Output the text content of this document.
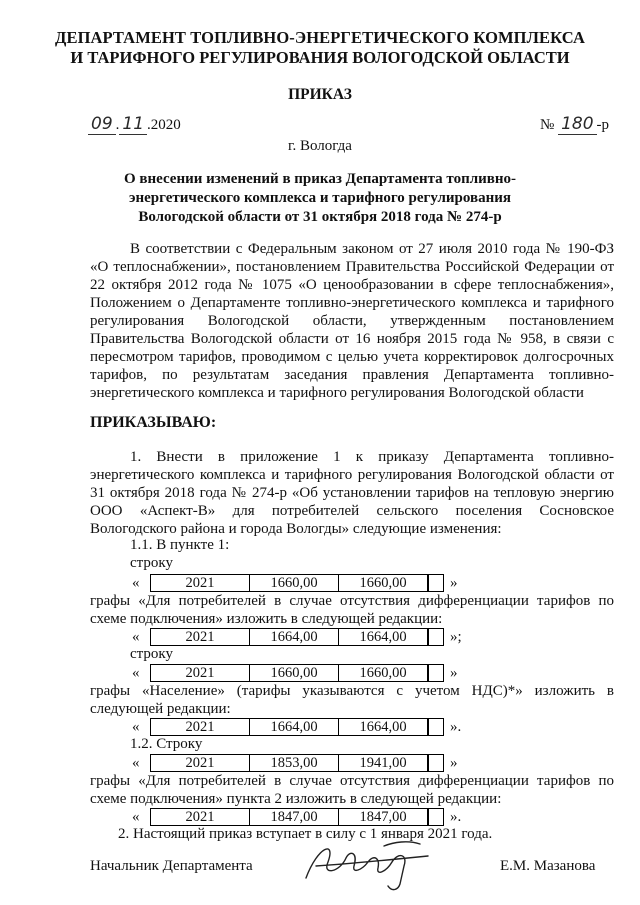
ДЕПАРТАМЕНТ ТОПЛИВНО-ЭНЕРГЕТИЧЕСКОГО КОМПЛЕКСА
И ТАРИФНОГО РЕГУЛИРОВАНИЯ ВОЛОГОДСКОЙ ОБЛАСТИ
ПРИКАЗ
09 . 11 .2020
г. Вологда
№ 180 -р
О внесении изменений в приказ Департамента топливно-энергетического комплекса и тарифного регулирования Вологодской области от 31 октября 2018 года № 274-р

В соответствии с Федеральным законом от 27 июля 2010 года № 190-ФЗ «О теплоснабжении», постановлением Правительства Российской Федерации от 22 октября 2012 года № 1075 «О ценообразовании в сфере теплоснабжения», Положением о Департаменте топливно-энергетического комплекса и тарифного регулирования Вологодской области, утвержденным постановлением Правительства Вологодской области от 16 ноября 2015 года № 958, в связи с пересмотром тарифов, проводимом с целью учета корректировок долгосрочных тарифов, по результатам заседания правления Департамента топливно-энергетического комплекса и тарифного регулирования Вологодской области

ПРИКАЗЫВАЮ:

1. Внести в приложение 1 к приказу Департамента топливно-энергетического комплекса и тарифного регулирования Вологодской области от 31 октября 2018 года № 274-р «Об установлении тарифов на тепловую энергию ООО «Аспект-В» для потребителей сельского поселения Сосновское Вологодского района и города Вологды» следующие изменения:

1.1. В пункте 1:
строку
«	2021	1660,00	1660,00	»
графы «Для потребителей в случае отсутствия дифференциации тарифов по схеме подключения» изложить в следующей редакции:
«	2021	1664,00	1664,00	»;
строку
«	2021	1660,00	1660,00	»
графы «Население» (тарифы указываются с учетом НДС)*» изложить в следующей редакции:
«	2021	1664,00	1664,00	».
1.2. Строку
«	2021	1853,00	1941,00	»
графы «Для потребителей в случае отсутствия дифференциации тарифов по схеме подключения» пункта 2 изложить в следующей редакции:
«	2021	1847,00	1847,00	».
2. Настоящий приказ вступает в силу с 1 января 2021 года.
Начальник Департамента	Е.М. Мазанова
